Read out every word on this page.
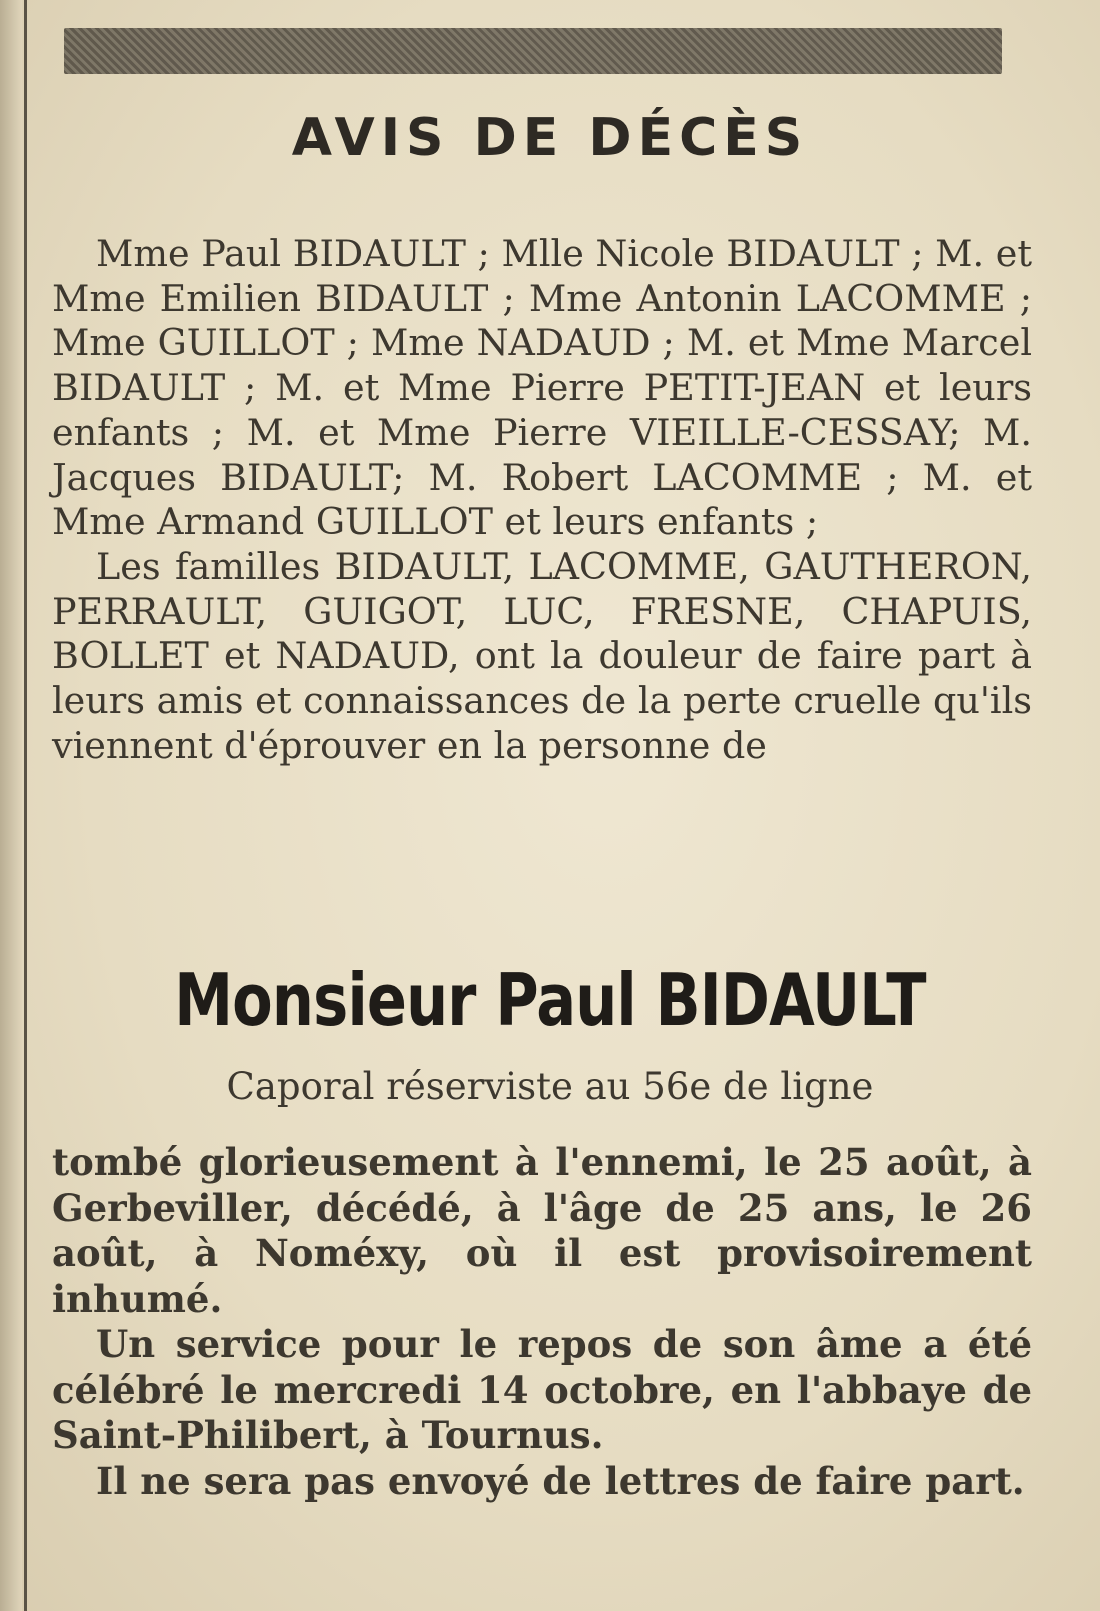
AVIS DE DÉCÈS

Mme Paul BIDAULT ; Mlle Nicole BIDAULT ; M. et Mme Emilien BIDAULT ; Mme Antonin LACOMME ; Mme GUILLOT ; Mme NADAUD ; M. et Mme Marcel BIDAULT ; M. et Mme Pierre PETIT-JEAN et leurs enfants ; M. et Mme Pierre VIEILLE-CESSAY; M. Jacques BIDAULT; M. Robert LACOMME ; M. et Mme Armand GUILLOT et leurs enfants ;

Les familles BIDAULT, LACOMME, GAUTHERON, PERRAULT, GUIGOT, LUC, FRESNE, CHAPUIS, BOLLET et NADAUD, ont la douleur de faire part à leurs amis et connaissances de la perte cruelle qu'ils viennent d'éprouver en la personne de

Monsieur Paul BIDAULT
Caporal réserviste au 56e de ligne

tombé glorieusement à l'ennemi, le 25 août, à Gerbeviller, décédé, à l'âge de 25 ans, le 26 août, à Noméxy, où il est provisoirement inhumé.

Un service pour le repos de son âme a été célébré le mercredi 14 octobre, en l'abbaye de Saint-Philibert, à Tournus.

Il ne sera pas envoyé de lettres de faire part.
